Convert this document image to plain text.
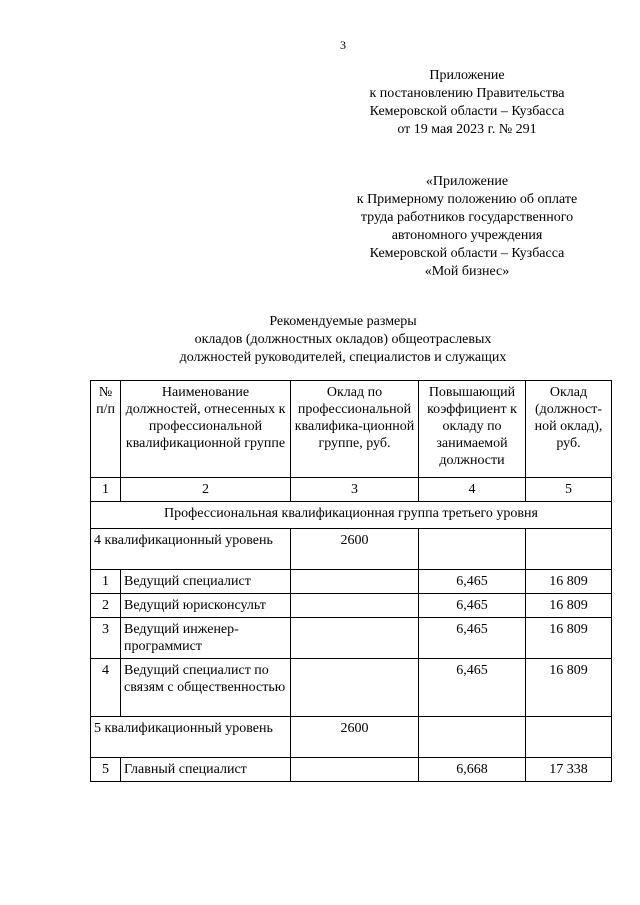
3
Приложение
к постановлению Правительства
Кемеровской области – Кузбасса
от 19 мая 2023 г. № 291
«Приложение
к Примерному положению об оплате
труда работников государственного
автономного учреждения
Кемеровской области – Кузбасса
«Мой бизнес»
Рекомендуемые размеры
окладов (должностных окладов) общеотраслевых
должностей руководителей, специалистов и служащих
№ п/п	Наименование должностей, отнесенных к профессиональной квалификационной группе	Оклад по профессиональной квалифика-ционной группе, руб.	Повышающий коэффициент к окладу по занимаемой должности	Оклад (должност-ной оклад), руб.
1	2	3	4	5
Профессиональная квалификационная группа третьего уровня				
4 квалификационный уровень		2600		
1	Ведущий специалист		6,465	16 809
2	Ведущий юрисконсульт		6,465	16 809
3	Ведущий инженер-программист		6,465	16 809
4	Ведущий специалист по связям с общественностью		6,465	16 809
5 квалификационный уровень		2600		
5	Главный специалист		6,668	17 338
